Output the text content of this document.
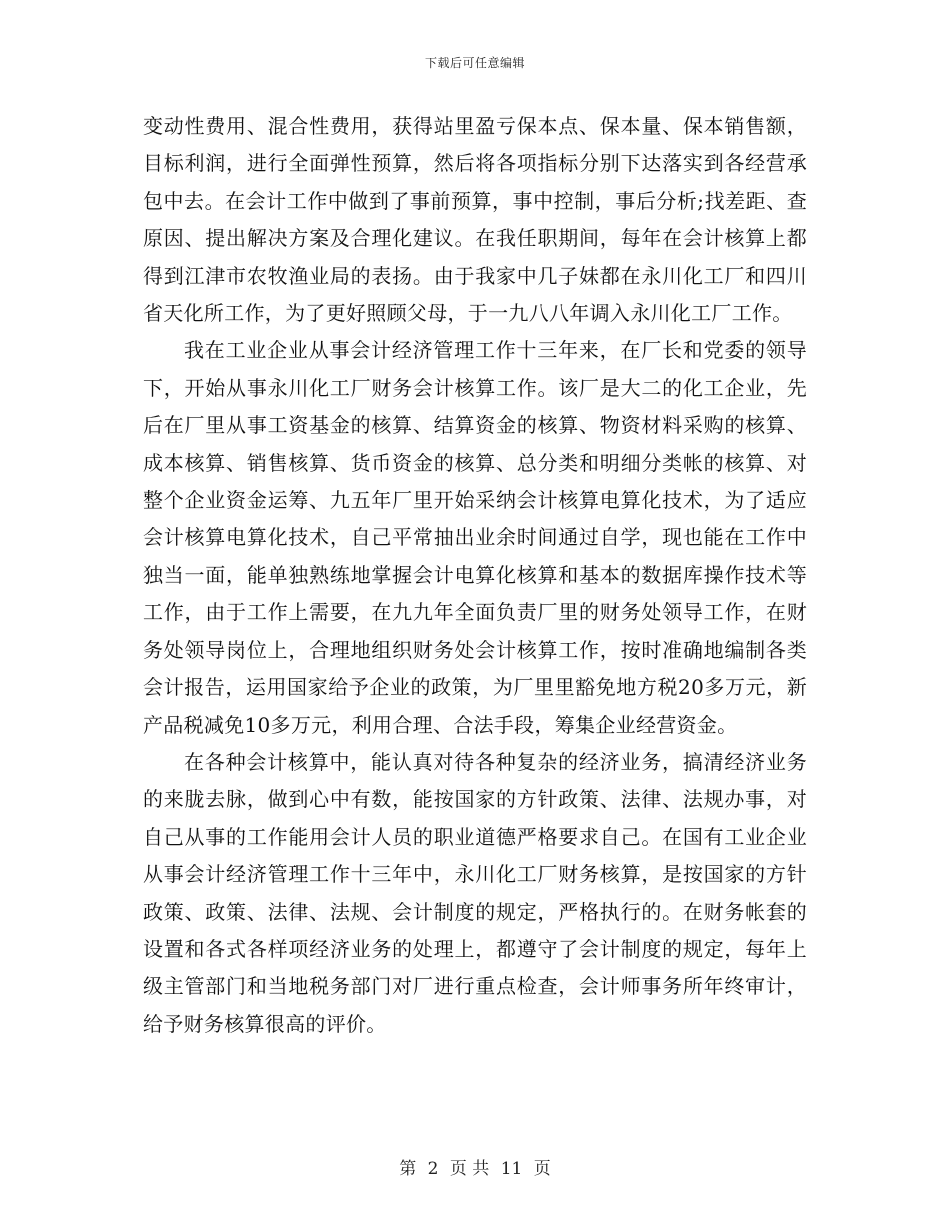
下载后可任意编辑

变动性费用、混合性费用，获得站里盈亏保本点、保本量、保本销售额，目标利润，进行全面弹性预算，然后将各项指标分别下达落实到各经营承包中去。在会计工作中做到了事前预算，事中控制，事后分析;找差距、查原因、提出解决方案及合理化建议。在我任职期间，每年在会计核算上都得到江津市农牧渔业局的表扬。由于我家中几子妹都在永川化工厂和四川省天化所工作，为了更好照顾父母，于一九八八年调入永川化工厂工作。

我在工业企业从事会计经济管理工作十三年来，在厂长和党委的领导下，开始从事永川化工厂财务会计核算工作。该厂是大二的化工企业，先后在厂里从事工资基金的核算、结算资金的核算、物资材料采购的核算、成本核算、销售核算、货币资金的核算、总分类和明细分类帐的核算、对整个企业资金运筹、九五年厂里开始采纳会计核算电算化技术，为了适应会计核算电算化技术，自己平常抽出业余时间通过自学，现也能在工作中独当一面，能单独熟练地掌握会计电算化核算和基本的数据库操作技术等工作，由于工作上需要，在九九年全面负责厂里的财务处领导工作，在财务处领导岗位上，合理地组织财务处会计核算工作，按时准确地编制各类会计报告，运用国家给予企业的政策，为厂里里豁免地方税20多万元，新产品税减免10多万元，利用合理、合法手段，筹集企业经营资金。

在各种会计核算中，能认真对待各种复杂的经济业务，搞清经济业务的来胧去脉，做到心中有数，能按国家的方针政策、法律、法规办事，对自己从事的工作能用会计人员的职业道德严格要求自己。在国有工业企业从事会计经济管理工作十三年中，永川化工厂财务核算，是按国家的方针政策、政策、法律、法规、会计制度的规定，严格执行的。在财务帐套的设置和各式各样项经济业务的处理上，都遵守了会计制度的规定，每年上级主管部门和当地税务部门对厂进行重点检查，会计师事务所年终审计，给予财务核算很高的评价。

第 2 页 共 11 页
